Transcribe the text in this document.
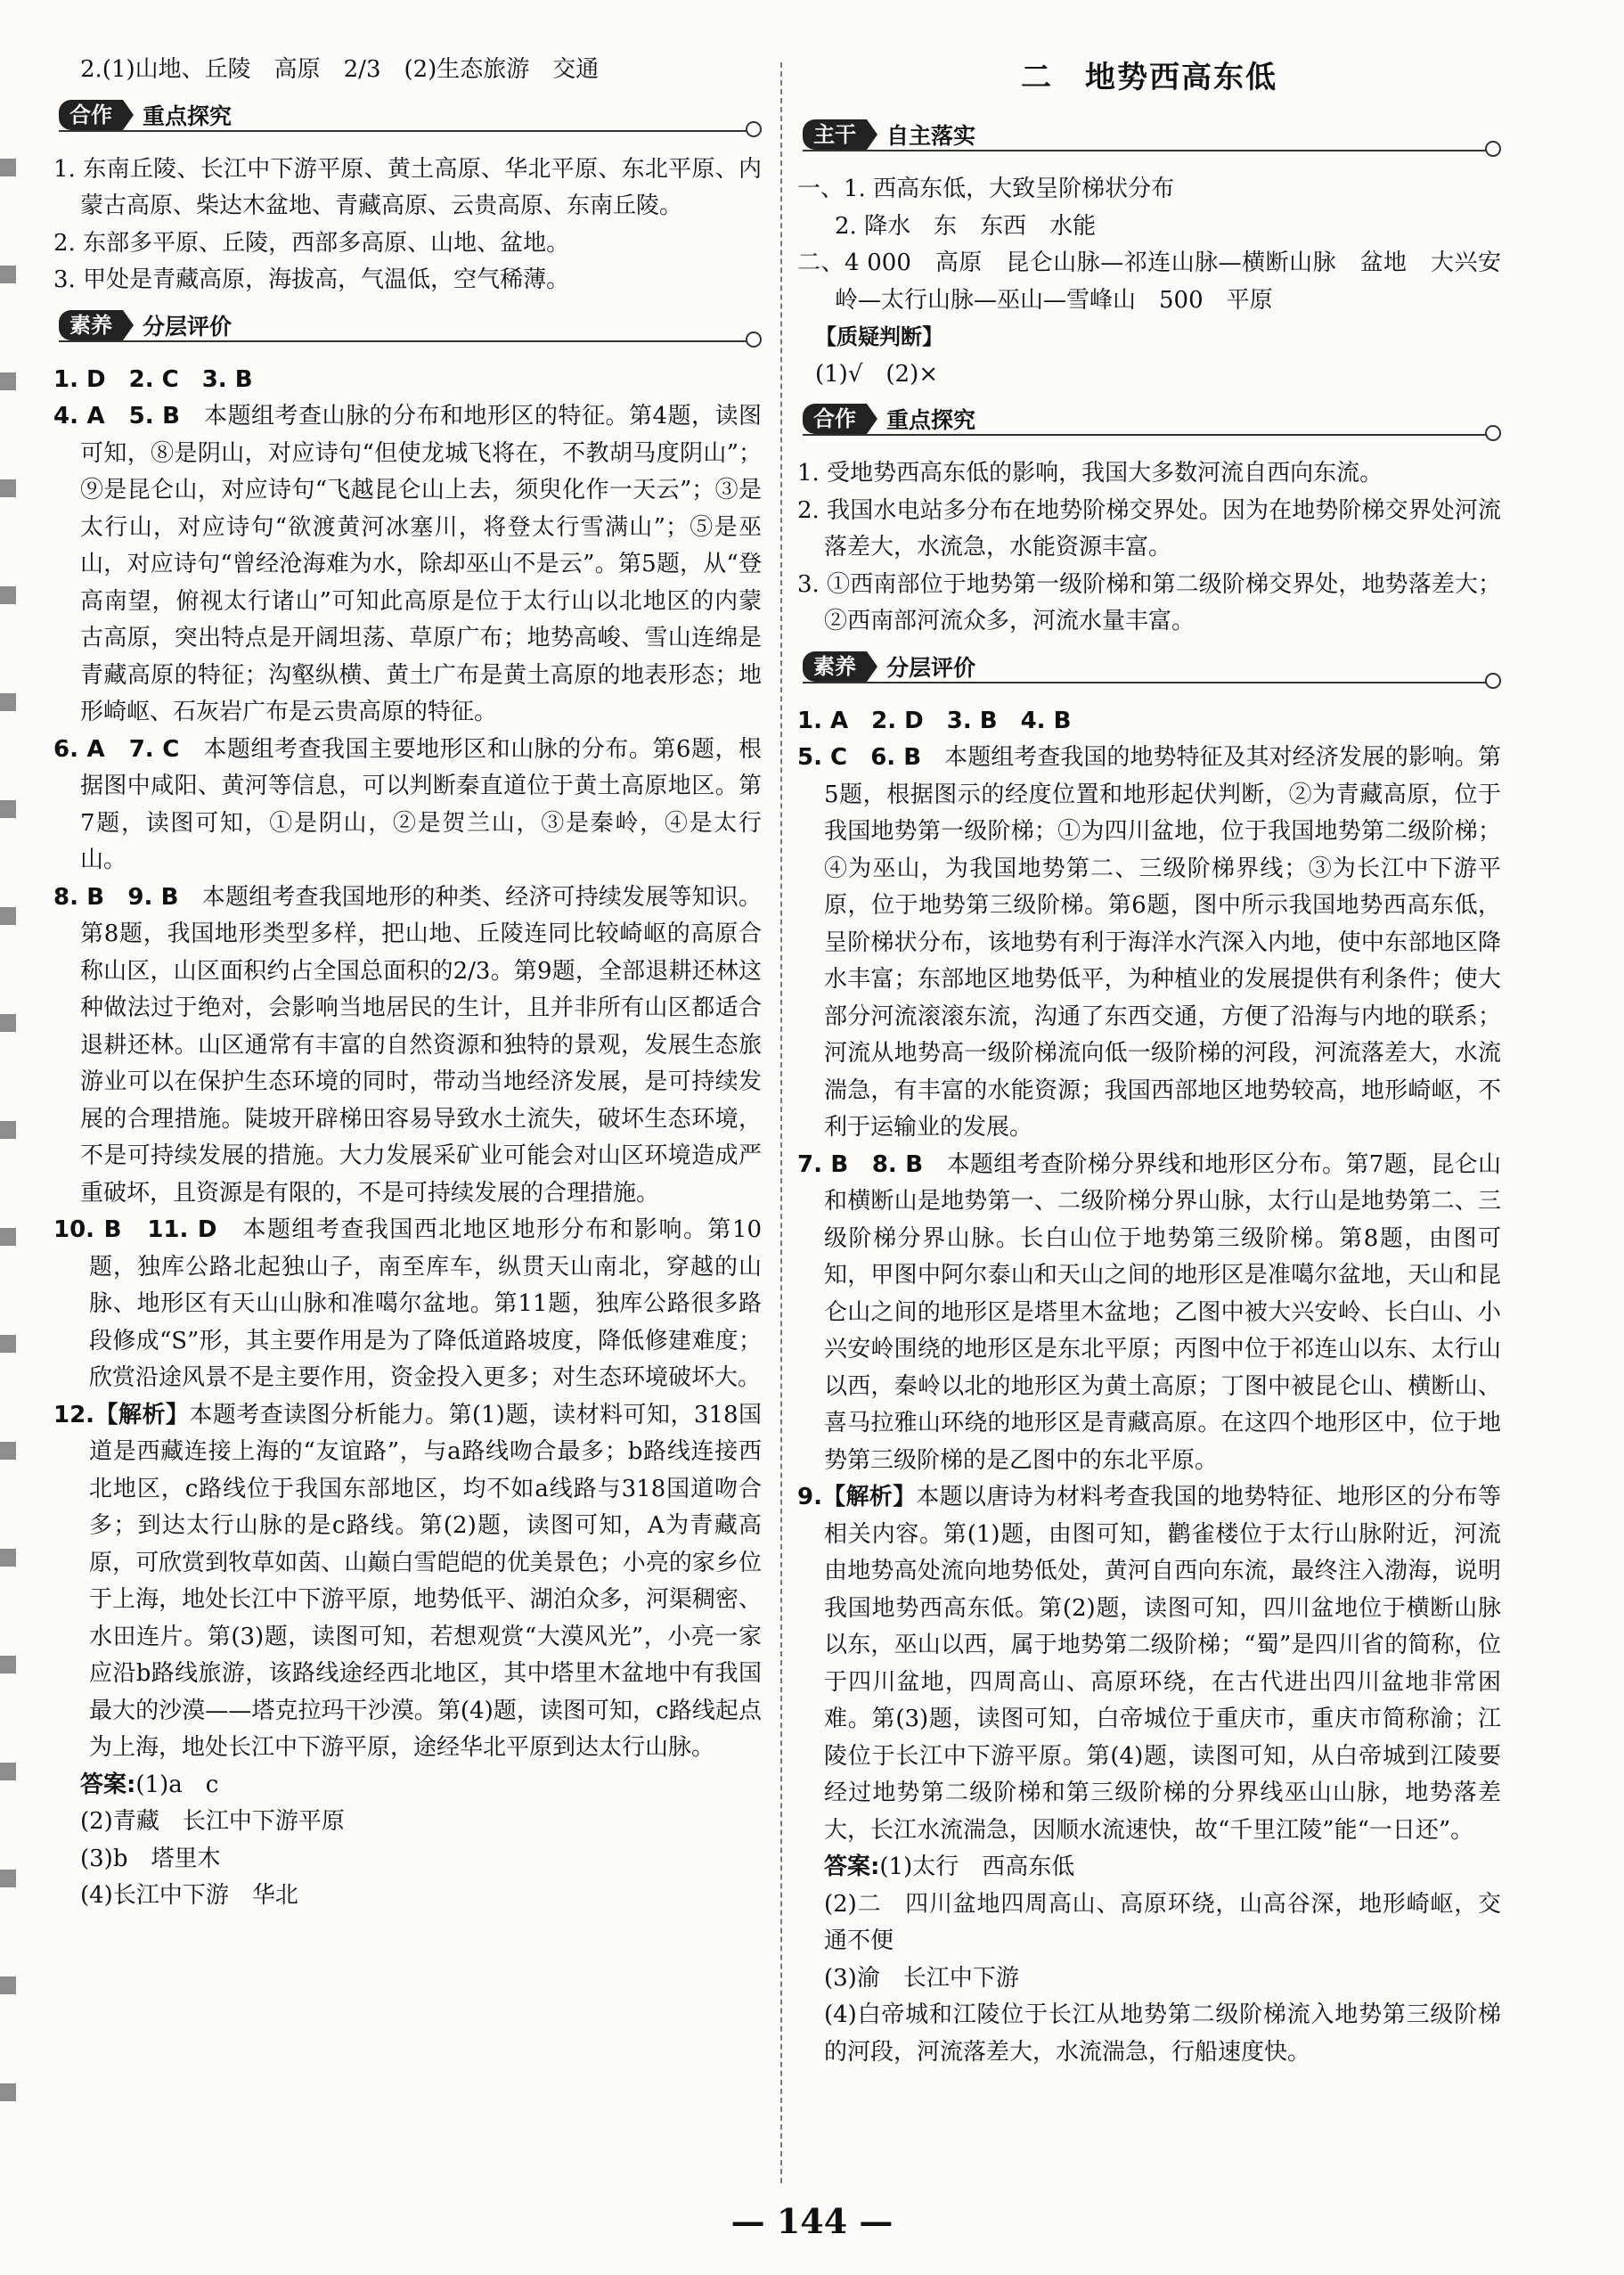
2.(1)山地、丘陵　高原　2/3　(2)生态旅游　交通

合作	重点探究

1. 东南丘陵、长江中下游平原、黄土高原、华北平原、东北平原、内蒙古高原、柴达木盆地、青藏高原、云贵高原、东南丘陵。

2. 东部多平原、丘陵，西部多高原、山地、盆地。

3. 甲处是青藏高原，海拔高，气温低，空气稀薄。

素养	分层评价

1. D　2. C　3. B

4. A　5. B　 本题组考查山脉的分布和地形区的特征。第4题，读图可知，⑧是阴山，对应诗句“但使龙城飞将在，不教胡马度阴山”；⑨是昆仑山，对应诗句“飞越昆仑山上去，须臾化作一天云”；③是太行山，对应诗句“欲渡黄河冰塞川，将登太行雪满山”；⑤是巫山，对应诗句“曾经沧海难为水，除却巫山不是云”。第5题，从“登高南望，俯视太行诸山”可知此高原是位于太行山以北地区的内蒙古高原，突出特点是开阔坦荡、草原广布；地势高峻、雪山连绵是青藏高原的特征；沟壑纵横、黄土广布是黄土高原的地表形态；地形崎岖、石灰岩广布是云贵高原的特征。

6. A　7. C　 本题组考查我国主要地形区和山脉的分布。第6题，根据图中咸阳、黄河等信息，可以判断秦直道位于黄土高原地区。第7题，读图可知，①是阴山，②是贺兰山，③是秦岭，④是太行山。

8. B　9. B　 本题组考查我国地形的种类、经济可持续发展等知识。第8题，我国地形类型多样，把山地、丘陵连同比较崎岖的高原合称山区，山区面积约占全国总面积的2/3。第9题，全部退耕还林这种做法过于绝对，会影响当地居民的生计，且并非所有山区都适合退耕还林。山区通常有丰富的自然资源和独特的景观，发展生态旅游业可以在保护生态环境的同时，带动当地经济发展，是可持续发展的合理措施。陡坡开辟梯田容易导致水土流失，破坏生态环境，不是可持续发展的措施。大力发展采矿业可能会对山区环境造成严重破坏，且资源是有限的，不是可持续发展的合理措施。

10. B　11. D　 本题组考查我国西北地区地形分布和影响。第10题，独库公路北起独山子，南至库车，纵贯天山南北，穿越的山脉、地形区有天山山脉和准噶尔盆地。第11题，独库公路很多路段修成“S”形，其主要作用是为了降低道路坡度，降低修建难度；欣赏沿途风景不是主要作用，资金投入更多；对生态环境破坏大。

12.【解析】本题考查读图分析能力。第(1)题，读材料可知，318国道是西藏连接上海的“友谊路”，与a路线吻合最多；b路线连接西北地区，c路线位于我国东部地区，均不如a线路与318国道吻合多；到达太行山脉的是c路线。第(2)题，读图可知，A为青藏高原，可欣赏到牧草如茵、山巅白雪皑皑的优美景色；小亮的家乡位于上海，地处长江中下游平原，地势低平、湖泊众多，河渠稠密、水田连片。第(3)题，读图可知，若想观赏“大漠风光”，小亮一家应沿b路线旅游，该路线途经西北地区，其中塔里木盆地中有我国最大的沙漠——塔克拉玛干沙漠。第(4)题，读图可知，c路线起点为上海，地处长江中下游平原，途经华北平原到达太行山脉。

答案:(1)a　c

(2)青藏　长江中下游平原

(3)b　塔里木

(4)长江中下游　华北

二　地势西高东低
主干	自主落实

一、1. 西高东低，大致呈阶梯状分布

2. 降水　东　东西　水能

二、4 000　高原　昆仑山脉—祁连山脉—横断山脉　盆地　大兴安岭—太行山脉—巫山—雪峰山　500　平原

【质疑判断】

(1)√　(2)×

合作	重点探究

1. 受地势西高东低的影响，我国大多数河流自西向东流。

2. 我国水电站多分布在地势阶梯交界处。因为在地势阶梯交界处河流落差大，水流急，水能资源丰富。

3. ①西南部位于地势第一级阶梯和第二级阶梯交界处，地势落差大；②西南部河流众多，河流水量丰富。

素养	分层评价

1. A　2. D　3. B　4. B

5. C　6. B　 本题组考查我国的地势特征及其对经济发展的影响。第5题，根据图示的经度位置和地形起伏判断，②为青藏高原，位于我国地势第一级阶梯；①为四川盆地，位于我国地势第二级阶梯；④为巫山，为我国地势第二、三级阶梯界线；③为长江中下游平原，位于地势第三级阶梯。第6题，图中所示我国地势西高东低，呈阶梯状分布，该地势有利于海洋水汽深入内地，使中东部地区降水丰富；东部地区地势低平，为种植业的发展提供有利条件；使大部分河流滚滚东流，沟通了东西交通，方便了沿海与内地的联系；河流从地势高一级阶梯流向低一级阶梯的河段，河流落差大，水流湍急，有丰富的水能资源；我国西部地区地势较高，地形崎岖，不利于运输业的发展。

7. B　8. B　 本题组考查阶梯分界线和地形区分布。第7题，昆仑山和横断山是地势第一、二级阶梯分界山脉，太行山是地势第二、三级阶梯分界山脉。长白山位于地势第三级阶梯。第8题，由图可知，甲图中阿尔泰山和天山之间的地形区是准噶尔盆地，天山和昆仑山之间的地形区是塔里木盆地；乙图中被大兴安岭、长白山、小兴安岭围绕的地形区是东北平原；丙图中位于祁连山以东、太行山以西，秦岭以北的地形区为黄土高原；丁图中被昆仑山、横断山、喜马拉雅山环绕的地形区是青藏高原。在这四个地形区中，位于地势第三级阶梯的是乙图中的东北平原。

9.【解析】本题以唐诗为材料考查我国的地势特征、地形区的分布等相关内容。第(1)题，由图可知，鹳雀楼位于太行山脉附近，河流由地势高处流向地势低处，黄河自西向东流，最终注入渤海，说明我国地势西高东低。第(2)题，读图可知，四川盆地位于横断山脉以东，巫山以西，属于地势第二级阶梯；“蜀”是四川省的简称，位于四川盆地，四周高山、高原环绕，在古代进出四川盆地非常困难。第(3)题，读图可知，白帝城位于重庆市，重庆市简称渝；江陵位于长江中下游平原。第(4)题，读图可知，从白帝城到江陵要经过地势第二级阶梯和第三级阶梯的分界线巫山山脉，地势落差大，长江水流湍急，因顺水流速快，故“千里江陵”能“一日还”。

答案:(1)太行　西高东低

(2)二　四川盆地四周高山、高原环绕，山高谷深，地形崎岖，交通不便

(3)渝　长江中下游

(4)白帝城和江陵位于长江从地势第二级阶梯流入地势第三级阶梯的河段，河流落差大，水流湍急，行船速度快。

— 144 —
